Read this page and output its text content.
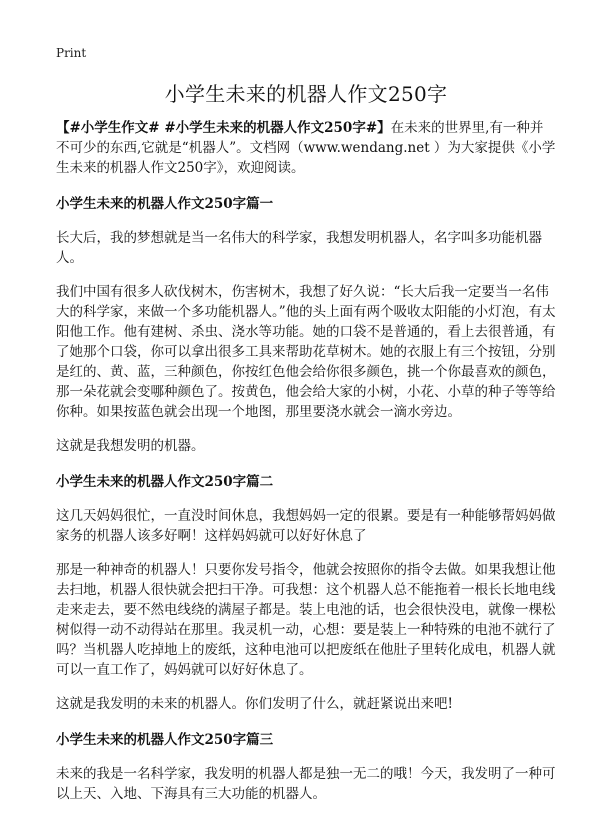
Print
小学生未来的机器人作文250字

【#小学生作文# #小学生未来的机器人作文250字#】在未来的世界里,有一种并不可少的东西,它就是“机器人”。文档网（www.wendang.net ）为大家提供《小学生未来的机器人作文250字》，欢迎阅读。

小学生未来的机器人作文250字篇一

长大后，我的梦想就是当一名伟大的科学家，我想发明机器人，名字叫多功能机器人。

我们中国有很多人砍伐树木，伤害树木，我想了好久说：“长大后我一定要当一名伟大的科学家，来做一个多功能机器人。”他的头上面有两个吸收太阳能的小灯泡，有太阳他工作。他有建树、杀虫、浇水等功能。她的口袋不是普通的，看上去很普通，有了她那个口袋，你可以拿出很多工具来帮助花草树木。她的衣服上有三个按钮，分别是红的、黄、蓝，三种颜色，你按红色他会给你很多颜色，挑一个你最喜欢的颜色，那一朵花就会变哪种颜色了。按黄色，他会给大家的小树，小花、小草的种子等等给你种。如果按蓝色就会出现一个地图，那里要浇水就会一滴水旁边。

这就是我想发明的机器。

小学生未来的机器人作文250字篇二

这几天妈妈很忙，一直没时间休息，我想妈妈一定的很累。要是有一种能够帮妈妈做家务的机器人该多好啊！这样妈妈就可以好好休息了

那是一种神奇的机器人！只要你发号指令，他就会按照你的指令去做。如果我想让他去扫地，机器人很快就会把扫干净。可我想：这个机器人总不能拖着一根长长地电线走来走去，要不然电线绕的满屋子都是。装上电池的话，也会很快没电，就像一棵松树似得一动不动得站在那里。我灵机一动，心想：要是装上一种特殊的电池不就行了吗？当机器人吃掉地上的废纸，这种电池可以把废纸在他肚子里转化成电，机器人就可以一直工作了，妈妈就可以好好休息了。

这就是我发明的未来的机器人。你们发明了什么，就赶紧说出来吧!

小学生未来的机器人作文250字篇三

未来的我是一名科学家，我发明的机器人都是独一无二的哦！今天，我发明了一种可以上天、入地、下海具有三大功能的机器人。
